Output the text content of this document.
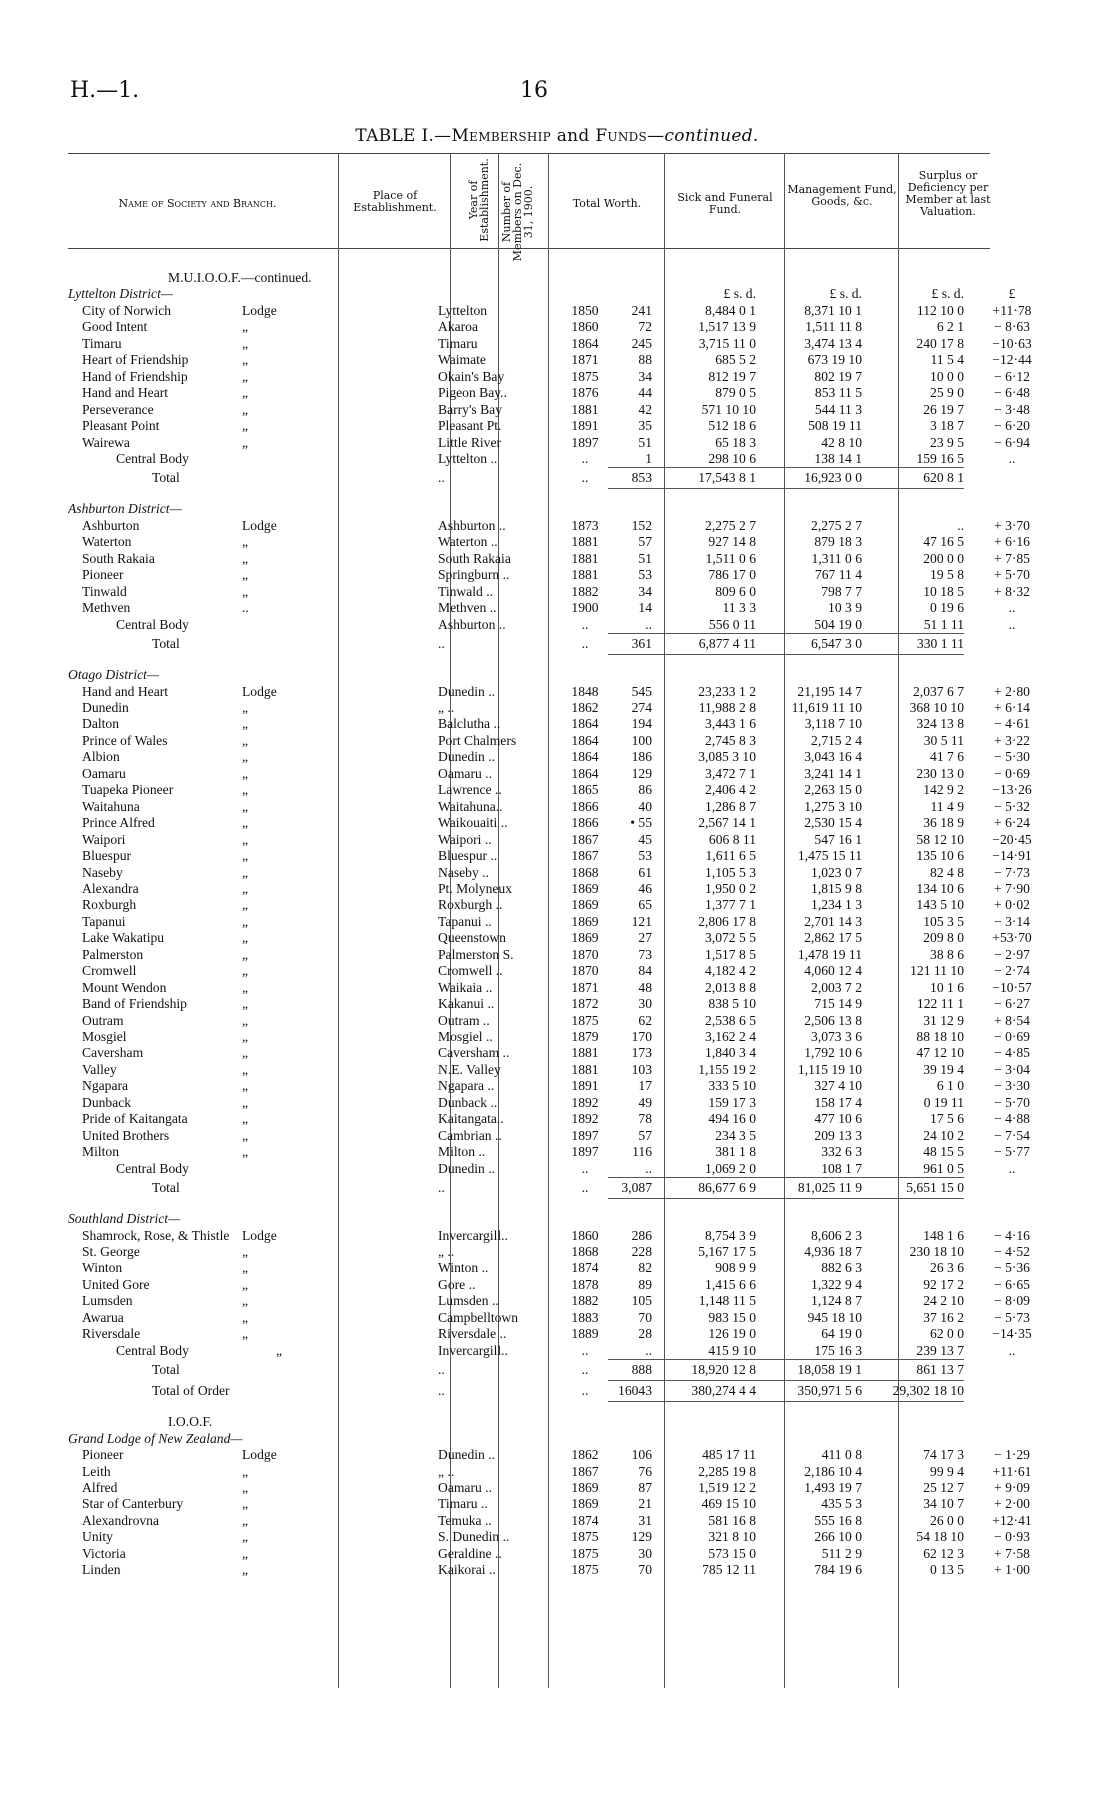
H.—1.	16
TABLE I.—Membership and Funds—continued.
Name of Society and Branch.
Place of Establishment.	Year of Establishment. Number of Members on Dec. 31, 1900.	Total Worth.	Sick and Funeral Fund.
Management Fund, Goods, &c.
Surplus or Deficiency per Member at last Valuation.
M.U.I.O.O.F.—continued.							
Lyttelton District—				£ s. d.	£ s. d.	£ s. d.	£
City of Norwich Lodge	Lyttelton	1850	241	8,484 0 1	8,371 10 1	112 10 0	+11·78
Good Intent „	Akaroa	1860	72	1,517 13 9	1,511 11 8	6 2 1	− 8·63
Timaru „	Timaru	1864	245	3,715 11 0	3,474 13 4	240 17 8	−10·63
Heart of Friendship „	Waimate	1871	88	685 5 2	673 19 10	11 5 4	−12·44
Hand of Friendship „	Okain's Bay	1875	34	812 19 7	802 19 7	10 0 0	− 6·12
Hand and Heart „	Pigeon Bay..	1876	44	879 0 5	853 11 5	25 9 0	− 6·48
Perseverance „	Barry's Bay	1881	42	571 10 10	544 11 3	26 19 7	− 3·48
Pleasant Point „	Pleasant Pt.	1891	35	512 18 6	508 19 11	3 18 7	− 6·20
Wairewa „	Little River	1897	51	65 18 3	42 8 10	23 9 5	− 6·94
Central Body	Lyttelton ..	..	1	298 10 6	138 14 1	159 16 5	..
Total	..	..	853	17,543 8 1	16,923 0 0	620 8 1	

Ashburton District—							
Ashburton Lodge	Ashburton ..	1873	152	2,275 2 7	2,275 2 7	..	+ 3·70
Waterton „	Waterton ..	1881	57	927 14 8	879 18 3	47 16 5	+ 6·16
South Rakaia „	South Rakaia	1881	51	1,511 0 6	1,311 0 6	200 0 0	+ 7·85
Pioneer „	Springburn ..	1881	53	786 17 0	767 11 4	19 5 8	+ 5·70
Tinwald „	Tinwald ..	1882	34	809 6 0	798 7 7	10 18 5	+ 8·32
Methven ..	Methven ..	1900	14	11 3 3	10 3 9	0 19 6	..
Central Body	Ashburton ..	..	..	556 0 11	504 19 0	51 1 11	..
Total	..	..	361	6,877 4 11	6,547 3 0	330 1 11	

Otago District—							
Hand and Heart Lodge	Dunedin ..	1848	545	23,233 1 2	21,195 14 7	2,037 6 7	+ 2·80
Dunedin „	„ ..	1862	274	11,988 2 8	11,619 11 10	368 10 10	+ 6·14
Dalton „	Balclutha ..	1864	194	3,443 1 6	3,118 7 10	324 13 8	− 4·61
Prince of Wales „	Port Chalmers	1864	100	2,745 8 3	2,715 2 4	30 5 11	+ 3·22
Albion „	Dunedin ..	1864	186	3,085 3 10	3,043 16 4	41 7 6	− 5·30
Oamaru „	Oamaru ..	1864	129	3,472 7 1	3,241 14 1	230 13 0	− 0·69
Tuapeka Pioneer „	Lawrence ..	1865	86	2,406 4 2	2,263 15 0	142 9 2	−13·26
Waitahuna „	Waitahuna..	1866	40	1,286 8 7	1,275 3 10	11 4 9	− 5·32
Prince Alfred „	Waikouaiti ..	1866	• 55	2,567 14 1	2,530 15 4	36 18 9	+ 6·24
Waipori „	Waipori ..	1867	45	606 8 11	547 16 1	58 12 10	−20·45
Bluespur „	Bluespur ..	1867	53	1,611 6 5	1,475 15 11	135 10 6	−14·91
Naseby „	Naseby ..	1868	61	1,105 5 3	1,023 0 7	82 4 8	− 7·73
Alexandra „	Pt. Molyneux	1869	46	1,950 0 2	1,815 9 8	134 10 6	+ 7·90
Roxburgh „	Roxburgh ..	1869	65	1,377 7 1	1,234 1 3	143 5 10	+ 0·02
Tapanui „	Tapanui ..	1869	121	2,806 17 8	2,701 14 3	105 3 5	− 3·14
Lake Wakatipu „	Queenstown	1869	27	3,072 5 5	2,862 17 5	209 8 0	+53·70
Palmerston „	Palmerston S.	1870	73	1,517 8 5	1,478 19 11	38 8 6	− 2·97
Cromwell „	Cromwell ..	1870	84	4,182 4 2	4,060 12 4	121 11 10	− 2·74
Mount Wendon „	Waikaia ..	1871	48	2,013 8 8	2,003 7 2	10 1 6	−10·57
Band of Friendship „	Kakanui ..	1872	30	838 5 10	715 14 9	122 11 1	− 6·27
Outram „	Outram ..	1875	62	2,538 6 5	2,506 13 8	31 12 9	+ 8·54
Mosgiel „	Mosgiel ..	1879	170	3,162 2 4	3,073 3 6	88 18 10	− 0·69
Caversham „	Caversham ..	1881	173	1,840 3 4	1,792 10 6	47 12 10	− 4·85
Valley „	N.E. Valley	1881	103	1,155 19 2	1,115 19 10	39 19 4	− 3·04
Ngapara „	Ngapara ..	1891	17	333 5 10	327 4 10	6 1 0	− 3·30
Dunback „	Dunback ..	1892	49	159 17 3	158 17 4	0 19 11	− 5·70
Pride of Kaitangata „	Kaitangata..	1892	78	494 16 0	477 10 6	17 5 6	− 4·88
United Brothers „	Cambrian ..	1897	57	234 3 5	209 13 3	24 10 2	− 7·54
Milton „	Milton ..	1897	116	381 1 8	332 6 3	48 15 5	− 5·77
Central Body	Dunedin ..	..	..	1,069 2 0	108 1 7	961 0 5	..
Total	..	..	3,087	86,677 6 9	81,025 11 9	5,651 15 0	

Southland District—							
Shamrock, Rose, & Thistle Lodge	Invercargill..	1860	286	8,754 3 9	8,606 2 3	148 1 6	− 4·16
St. George „	„ ..	1868	228	5,167 17 5	4,936 18 7	230 18 10	− 4·52
Winton „	Winton ..	1874	82	908 9 9	882 6 3	26 3 6	− 5·36
United Gore „	Gore ..	1878	89	1,415 6 6	1,322 9 4	92 17 2	− 6·65
Lumsden „	Lumsden ..	1882	105	1,148 11 5	1,124 8 7	24 2 10	− 8·09
Awarua „	Campbelltown	1883	70	983 15 0	945 18 10	37 16 2	− 5·73
Riversdale „	Riversdale ..	1889	28	126 19 0	64 19 0	62 0 0	−14·35
Central Body „	Invercargill..	..	..	415 9 10	175 16 3	239 13 7	..
Total	..	..	888	18,920 12 8	18,058 19 1	861 13 7	
Total of Order	..	..	16043	380,274 4 4	350,971 5 6	29,302 18 10	

I.O.O.F.							
Grand Lodge of New Zealand—							
Pioneer Lodge	Dunedin ..	1862	106	485 17 11	411 0 8	74 17 3	− 1·29
Leith „	„ ..	1867	76	2,285 19 8	2,186 10 4	99 9 4	+11·61
Alfred „	Oamaru ..	1869	87	1,519 12 2	1,493 19 7	25 12 7	+ 9·09
Star of Canterbury „	Timaru ..	1869	21	469 15 10	435 5 3	34 10 7	+ 2·00
Alexandrovna „	Temuka ..	1874	31	581 16 8	555 16 8	26 0 0	+12·41
Unity „	S. Dunedin ..	1875	129	321 8 10	266 10 0	54 18 10	− 0·93
Victoria „	Geraldine ..	1875	30	573 15 0	511 2 9	62 12 3	+ 7·58
Linden „	Kaikorai ..	1875	70	785 12 11	784 19 6	0 13 5	+ 1·00
